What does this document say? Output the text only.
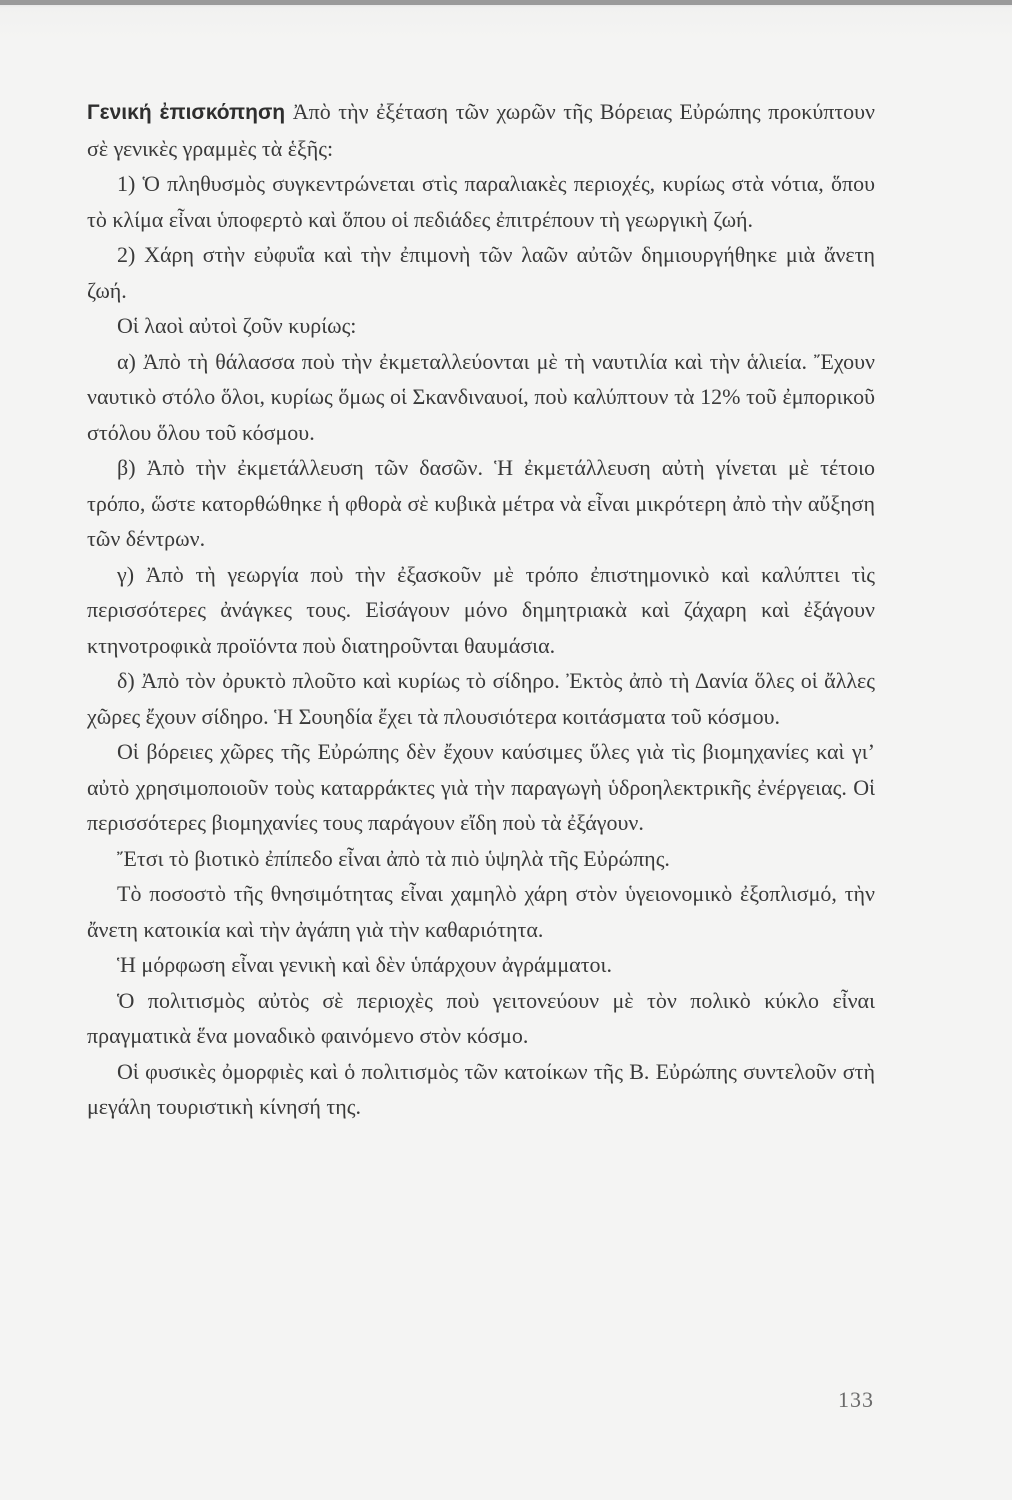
Γενική ἐπισκόπηση Ἀπὸ τὴν ἐξέταση τῶν χωρῶν τῆς Βόρειας Εὐρώπης προκύπτουν σὲ γενικὲς γραμμὲς τὰ ἑξῆς:

1) Ὁ πληθυσμὸς συγκεντρώνεται στὶς παραλιακὲς περιοχές, κυρίως στὰ νότια, ὅπου τὸ κλίμα εἶναι ὑποφερτὸ καὶ ὅπου οἱ πεδιάδες ἐπιτρέπουν τὴ γεωργικὴ ζωή.

2) Χάρη στὴν εὐφυΐα καὶ τὴν ἐπιμονὴ τῶν λαῶν αὐτῶν δημιουργήθηκε μιὰ ἄνετη ζωή.

Οἱ λαοὶ αὐτοὶ ζοῦν κυρίως:

α) Ἀπὸ τὴ θάλασσα ποὺ τὴν ἐκμεταλλεύονται μὲ τὴ ναυτιλία καὶ τὴν ἁλιεία. Ἔχουν ναυτικὸ στόλο ὅλοι, κυρίως ὅμως οἱ Σκανδιναυοί, ποὺ καλύπτουν τὰ 12% τοῦ ἐμπορικοῦ στόλου ὅλου τοῦ κόσμου.

β) Ἀπὸ τὴν ἐκμετάλλευση τῶν δασῶν. Ἡ ἐκμετάλλευση αὐτὴ γίνεται μὲ τέτοιο τρόπο, ὥστε κατορθώθηκε ἡ φθορὰ σὲ κυβικὰ μέτρα νὰ εἶναι μικρότερη ἀπὸ τὴν αὔξηση τῶν δέντρων.

γ) Ἀπὸ τὴ γεωργία ποὺ τὴν ἐξασκοῦν μὲ τρόπο ἐπιστημονικὸ καὶ καλύπτει τὶς περισσότερες ἀνάγκες τους. Εἰσάγουν μόνο δημητριακὰ καὶ ζάχαρη καὶ ἐξάγουν κτηνοτροφικὰ προϊόντα ποὺ διατηροῦνται θαυμάσια.

δ) Ἀπὸ τὸν ὀρυκτὸ πλοῦτο καὶ κυρίως τὸ σίδηρο. Ἐκτὸς ἀπὸ τὴ Δανία ὅλες οἱ ἄλλες χῶρες ἔχουν σίδηρο. Ἡ Σουηδία ἔχει τὰ πλουσιότερα κοιτάσματα τοῦ κόσμου.

Οἱ βόρειες χῶρες τῆς Εὐρώπης δὲν ἔχουν καύσιμες ὕλες γιὰ τὶς βιομηχανίες καὶ γι’ αὐτὸ χρησιμοποιοῦν τοὺς καταρράκτες γιὰ τὴν παραγωγὴ ὑδροηλεκτρικῆς ἐνέργειας. Οἱ περισσότερες βιομηχανίες τους παράγουν εἴδη ποὺ τὰ ἐξάγουν.

Ἔτσι τὸ βιοτικὸ ἐπίπεδο εἶναι ἀπὸ τὰ πιὸ ὑψηλὰ τῆς Εὐρώπης.

Τὸ ποσοστὸ τῆς θνησιμότητας εἶναι χαμηλὸ χάρη στὸν ὑγειονομικὸ ἐξοπλισμό, τὴν ἄνετη κατοικία καὶ τὴν ἀγάπη γιὰ τὴν καθαριότητα.

Ἡ μόρφωση εἶναι γενικὴ καὶ δὲν ὑπάρχουν ἀγράμματοι.

Ὁ πολιτισμὸς αὐτὸς σὲ περιοχὲς ποὺ γειτονεύουν μὲ τὸν πολικὸ κύκλο εἶναι πραγματικὰ ἕνα μοναδικὸ φαινόμενο στὸν κόσμο.

Οἱ φυσικὲς ὀμορφιὲς καὶ ὁ πολιτισμὸς τῶν κατοίκων τῆς Β. Εὐρώπης συντελοῦν στὴ μεγάλη τουριστικὴ κίνησή της.

133
